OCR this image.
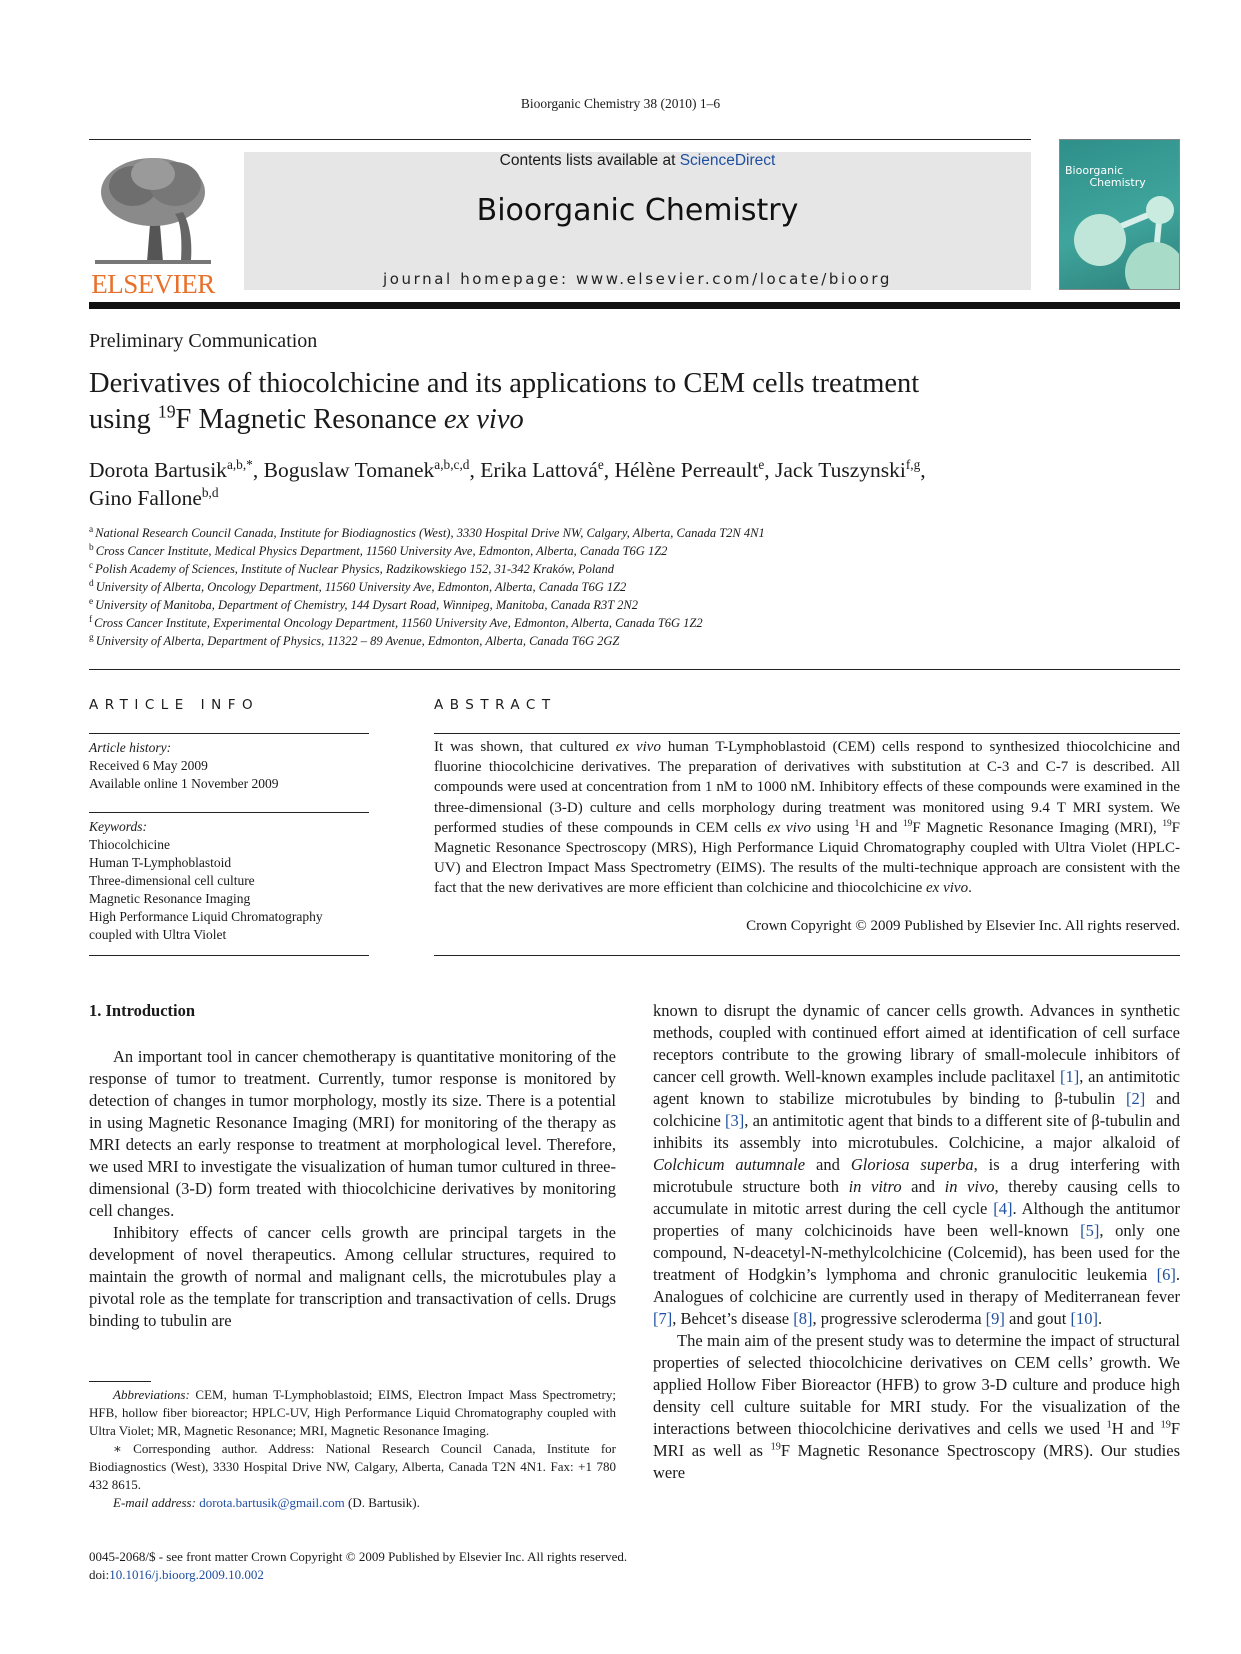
Bioorganic Chemistry 38 (2010) 1–6
ELSEVIER
Contents lists available at ScienceDirect
Bioorganic Chemistry
journal homepage: www.elsevier.com/locate/bioorg
Bioorganic
Chemistry
Preliminary Communication
Derivatives of thiocolchicine and its applications to CEM cells treatment
using $^{19}$F Magnetic Resonance ex vivo
Dorota Bartusik$^{a,b,*}$, Boguslaw Tomanek$^{a,b,c,d}$, Erika Lattová$^e$, Hélène Perreault$^e$, Jack Tuszynski$^{f,g}$,
Gino Fallone$^{b,d}$
$^a$ National Research Council Canada, Institute for Biodiagnostics (West), 3330 Hospital Drive NW, Calgary, Alberta, Canada T2N 4N1
$^b$ Cross Cancer Institute, Medical Physics Department, 11560 University Ave, Edmonton, Alberta, Canada T6G 1Z2
$^c$ Polish Academy of Sciences, Institute of Nuclear Physics, Radzikowskiego 152, 31-342 Kraków, Poland
$^d$ University of Alberta, Oncology Department, 11560 University Ave, Edmonton, Alberta, Canada T6G 1Z2
$^e$ University of Manitoba, Department of Chemistry, 144 Dysart Road, Winnipeg, Manitoba, Canada R3T 2N2
$^f$ Cross Cancer Institute, Experimental Oncology Department, 11560 University Ave, Edmonton, Alberta, Canada T6G 1Z2
$^g$ University of Alberta, Department of Physics, 11322 – 89 Avenue, Edmonton, Alberta, Canada T6G 2GZ
ARTICLE INFO
Article history:
Received 6 May 2009
Available online 1 November 2009
Keywords:
Thiocolchicine
Human T-Lymphoblastoid
Three-dimensional cell culture
Magnetic Resonance Imaging
High Performance Liquid Chromatography
coupled with Ultra Violet
ABSTRACT
It was shown, that cultured ex vivo human T-Lymphoblastoid (CEM) cells respond to synthesized thiocolchicine and fluorine thiocolchicine derivatives. The preparation of derivatives with substitution at C-3 and C-7 is described. All compounds were used at concentration from 1 nM to 1000 nM. Inhibitory effects of these compounds were examined in the three-dimensional (3-D) culture and cells morphology during treatment was monitored using 9.4 T MRI system. We performed studies of these compounds in CEM cells ex vivo using $^1$H and $^{19}$F Magnetic Resonance Imaging (MRI), $^{19}$F Magnetic Resonance Spectroscopy (MRS), High Performance Liquid Chromatography coupled with Ultra Violet (HPLC-UV) and Electron Impact Mass Spectrometry (EIMS). The results of the multi-technique approach are consistent with the fact that the new derivatives are more efficient than colchicine and thiocolchicine ex vivo.
Crown Copyright © 2009 Published by Elsevier Inc. All rights reserved.
1. Introduction

An important tool in cancer chemotherapy is quantitative monitoring of the response of tumor to treatment. Currently, tumor response is monitored by detection of changes in tumor morphology, mostly its size. There is a potential in using Magnetic Resonance Imaging (MRI) for monitoring of the therapy as MRI detects an early response to treatment at morphological level. Therefore, we used MRI to investigate the visualization of human tumor cultured in three-dimensional (3-D) form treated with thiocolchicine derivatives by monitoring cell changes.

Inhibitory effects of cancer cells growth are principal targets in the development of novel therapeutics. Among cellular structures, required to maintain the growth of normal and malignant cells, the microtubules play a pivotal role as the template for transcription and transactivation of cells. Drugs binding to tubulin are

known to disrupt the dynamic of cancer cells growth. Advances in synthetic methods, coupled with continued effort aimed at identification of cell surface receptors contribute to the growing library of small-molecule inhibitors of cancer cell growth. Well-known examples include paclitaxel [1], an antimitotic agent known to stabilize microtubules by binding to β-tubulin [2] and colchicine [3], an antimitotic agent that binds to a different site of β-tubulin and inhibits its assembly into microtubules. Colchicine, a major alkaloid of Colchicum autumnale and Gloriosa superba, is a drug interfering with microtubule structure both in vitro and in vivo, thereby causing cells to accumulate in mitotic arrest during the cell cycle [4]. Although the antitumor properties of many colchicinoids have been well-known [5], only one compound, N-deacetyl-N-methylcolchicine (Colcemid), has been used for the treatment of Hodgkin’s lymphoma and chronic granulocitic leukemia [6]. Analogues of colchicine are currently used in therapy of Mediterranean fever [7], Behcet’s disease [8], progressive scleroderma [9] and gout [10].

The main aim of the present study was to determine the impact of structural properties of selected thiocolchicine derivatives on CEM cells’ growth. We applied Hollow Fiber Bioreactor (HFB) to grow 3-D culture and produce high density cell culture suitable for MRI study. For the visualization of the interactions between thiocolchicine derivatives and cells we used $^1$H and $^{19}$F MRI as well as $^{19}$F Magnetic Resonance Spectroscopy (MRS). Our studies were

Abbreviations: CEM, human T-Lymphoblastoid; EIMS, Electron Impact Mass Spectrometry; HFB, hollow fiber bioreactor; HPLC-UV, High Performance Liquid Chromatography coupled with Ultra Violet; MR, Magnetic Resonance; MRI, Magnetic Resonance Imaging.

∗ Corresponding author. Address: National Research Council Canada, Institute for Biodiagnostics (West), 3330 Hospital Drive NW, Calgary, Alberta, Canada T2N 4N1. Fax: +1 780 432 8615.

E-mail address: dorota.bartusik@gmail.com (D. Bartusik).

0045-2068/$ - see front matter Crown Copyright © 2009 Published by Elsevier Inc. All rights reserved.
doi:10.1016/j.bioorg.2009.10.002
